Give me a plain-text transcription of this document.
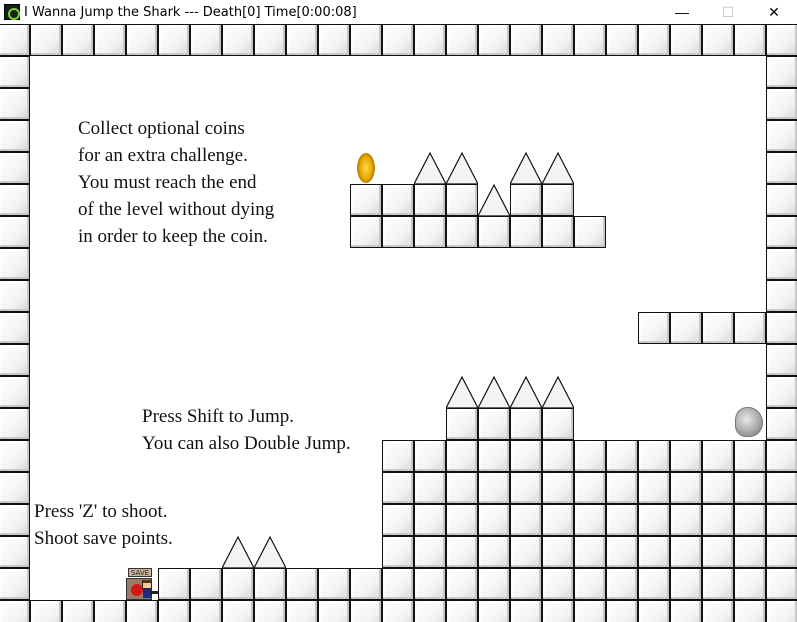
I Wanna Jump the Shark --- Death[0] Time[0:00:08]	—	☐	✕
Collect optional coins
for an extra challenge.
You must reach the end
of the level without dying
in order to keep the coin.
Press Shift to Jump.
You can also Double Jump.
Press 'Z' to shoot.
Shoot save points.
SAVE
